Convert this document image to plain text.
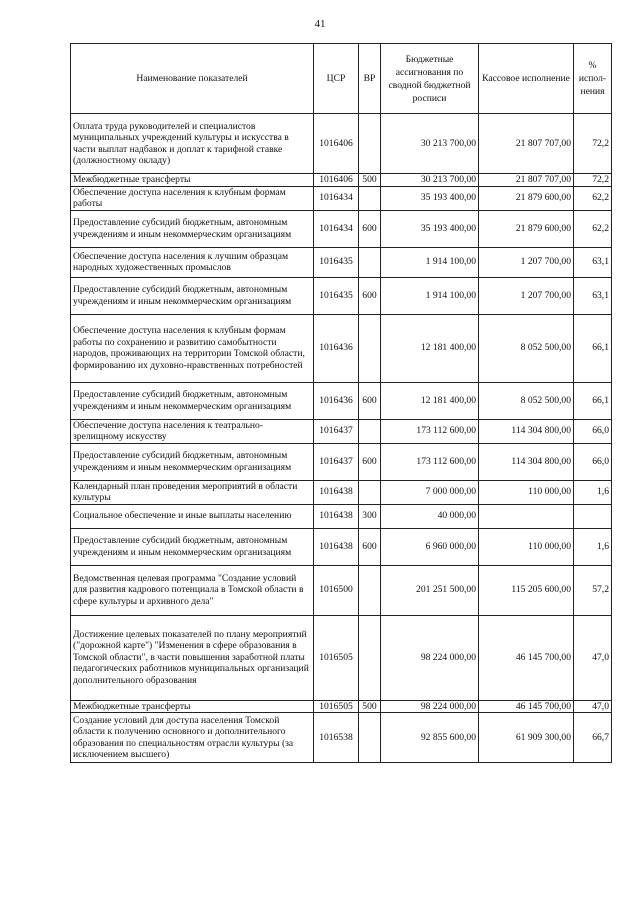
41
Наименование показателей	ЦСР	ВР	Бюджетные ассигнования по сводной бюджетной росписи	Кассовое исполнение	% испол-нения
Оплата труда руководителей и специалистов муниципальных учреждений культуры и искусства в части выплат надбавок и доплат к тарифной ставке (должностному окладу)	1016406		30 213 700,00	21 807 707,00	72,2
Межбюджетные трансферты	1016406	500	30 213 700,00	21 807 707,00	72,2
Обеспечение доступа населения к клубным формам работы	1016434		35 193 400,00	21 879 600,00	62,2
Предоставление субсидий бюджетным, автономным учреждениям и иным некоммерческим организациям	1016434	600	35 193 400,00	21 879 600,00	62,2
Обеспечение доступа населения к лучшим образцам народных художественных промыслов	1016435		1 914 100,00	1 207 700,00	63,1
Предоставление субсидий бюджетным, автономным учреждениям и иным некоммерческим организациям	1016435	600	1 914 100,00	1 207 700,00	63,1
Обеспечение доступа населения к клубным формам работы по сохранению и развитию самобытности народов, проживающих на территории Томской области, формированию их духовно-нравственных потребностей	1016436		12 181 400,00	8 052 500,00	66,1
Предоставление субсидий бюджетным, автономным учреждениям и иным некоммерческим организациям	1016436	600	12 181 400,00	8 052 500,00	66,1
Обеспечение доступа населения к театрально-зрелищному искусству	1016437		173 112 600,00	114 304 800,00	66,0
Предоставление субсидий бюджетным, автономным учреждениям и иным некоммерческим организациям	1016437	600	173 112 600,00	114 304 800,00	66,0
Календарный план проведения мероприятий в области культуры	1016438		7 000 000,00	110 000,00	1,6
Социальное обеспечение и иные выплаты населению	1016438	300	40 000,00		
Предоставление субсидий бюджетным, автономным учреждениям и иным некоммерческим организациям	1016438	600	6 960 000,00	110 000,00	1,6
Ведомственная целевая программа "Создание условий для развития кадрового потенциала в Томской области в сфере культуры и архивного дела"	1016500		201 251 500,00	115 205 600,00	57,2
Достижение целевых показателей по плану мероприятий ("дорожной карте") "Изменения в сфере образования в Томской области", в части повышения заработной платы педагогических работников муниципальных организаций дополнительного образования	1016505		98 224 000,00	46 145 700,00	47,0
Межбюджетные трансферты	1016505	500	98 224 000,00	46 145 700,00	47,0
Создание условий для доступа населения Томской области к получению основного и дополнительного образования по специальностям отрасли культуры (за исключением высшего)	1016538		92 855 600,00	61 909 300,00	66,7
